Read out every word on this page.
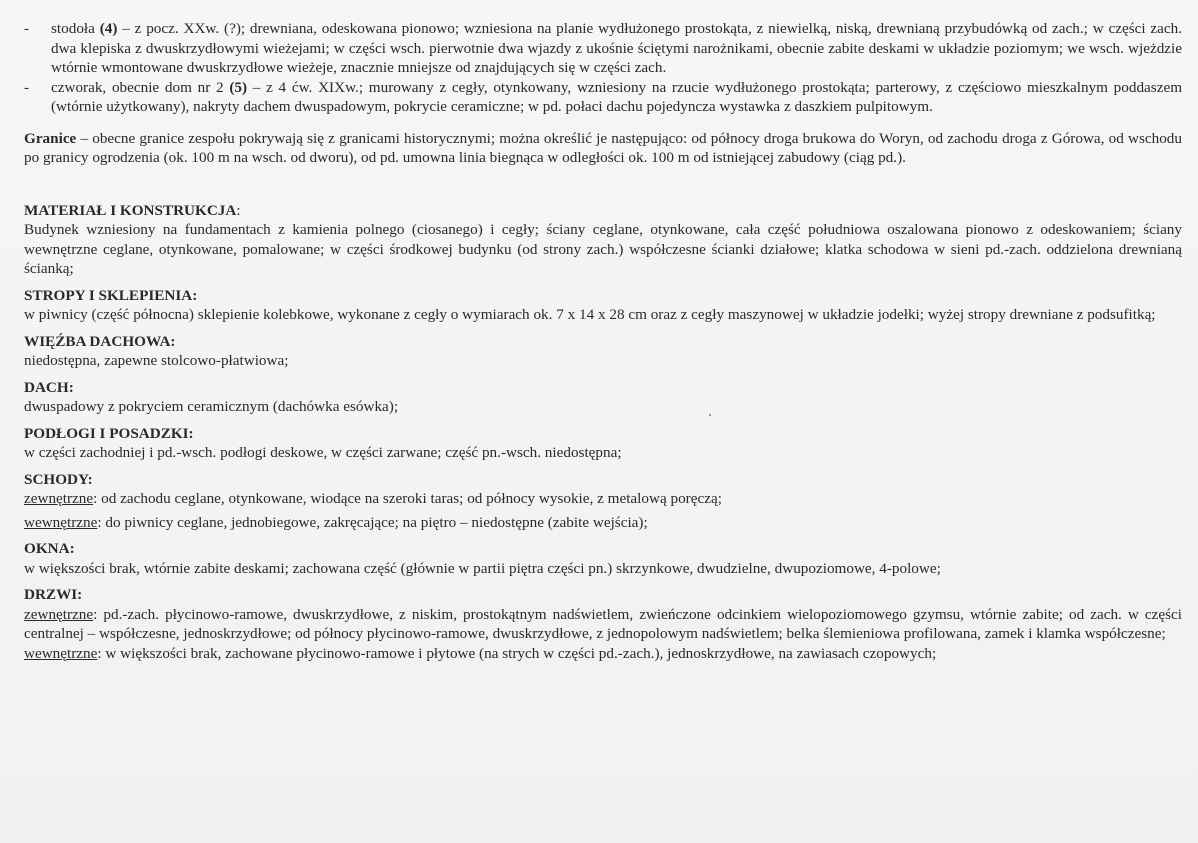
- stodoła (4) – z pocz. XXw. (?); drewniana, odeskowana pionowo; wzniesiona na planie wydłużonego prostokąta, z niewielką, niską, drewnianą przybudówką od zach.; w części zach. dwa klepiska z dwuskrzydłowymi wieżejami; w części wsch. pierwotnie dwa wjazdy z ukośnie ściętymi narożnikami, obecnie zabite deskami w układzie poziomym; we wsch. wjeżdzie wtórnie wmontowane dwuskrzydłowe wieżeje, znacznie mniejsze od znajdujących się w części zach.
- czworak, obecnie dom nr 2 (5) – z 4 ćw. XIXw.; murowany z cegły, otynkowany, wzniesiony na rzucie wydłużonego prostokąta; parterowy, z częściowo mieszkalnym poddaszem (wtórnie użytkowany), nakryty dachem dwuspadowym, pokrycie ceramiczne; w pd. połaci dachu pojedyncza wystawka z daszkiem pulpitowym.
Granice – obecne granice zespołu pokrywają się z granicami historycznymi; można określić je następująco: od północy droga brukowa do Woryn, od zachodu droga z Górowa, od wschodu po granicy ogrodzenia (ok. 100 m na wsch. od dworu), od pd. umowna linia biegnąca w odległości ok. 100 m od istniejącej zabudowy (ciąg pd.).
MATERIAŁ I KONSTRUKCJA:
Budynek wzniesiony na fundamentach z kamienia polnego (ciosanego) i cegły; ściany ceglane, otynkowane, cała część południowa oszalowana pionowo z odeskowaniem; ściany wewnętrzne ceglane, otynkowane, pomalowane; w części środkowej budynku (od strony zach.) współczesne ścianki działowe; klatka schodowa w sieni pd.-zach. oddzielona drewnianą ścianką;
STROPY I SKLEPIENIA:
w piwnicy (część północna) sklepienie kolebkowe, wykonane z cegły o wymiarach ok. 7 x 14 x 28 cm oraz z cegły maszynowej w układzie jodełki; wyżej stropy drewniane z podsufitką;
WIĘŹBA DACHOWA:
niedostępna, zapewne stolcowo-płatwiowa;
DACH:
dwuspadowy z pokryciem ceramicznym (dachówka esówka);
PODŁOGI I POSADZKI:
w części zachodniej i pd.-wsch. podłogi deskowe, w części zarwane; część pn.-wsch. niedostępna;
SCHODY:
zewnętrzne: od zachodu ceglane, otynkowane, wiodące na szeroki taras; od północy wysokie, z metalową poręczą;
wewnętrzne: do piwnicy ceglane, jednobiegowe, zakręcające; na piętro – niedostępne (zabite wejścia);
OKNA:
w większości brak, wtórnie zabite deskami; zachowana część (głównie w partii piętra części pn.) skrzynkowe, dwudzielne, dwupoziomowe, 4-polowe;
DRZWI:
zewnętrzne: pd.-zach. płycinowo-ramowe, dwuskrzydłowe, z niskim, prostokątnym nadświetlem, zwieńczone odcinkiem wielopoziomowego gzymsu, wtórnie zabite; od zach. w części centralnej – współczesne, jednoskrzydłowe; od północy płycinowo-ramowe, dwuskrzydłowe, z jednopolowym nadświetlem; belka ślemieniowa profilowana, zamek i klamka współczesne;
wewnętrzne: w większości brak, zachowane płycinowo-ramowe i płytowe (na strych w części pd.-zach.), jednoskrzydłowe, na zawiasach czopowych;
